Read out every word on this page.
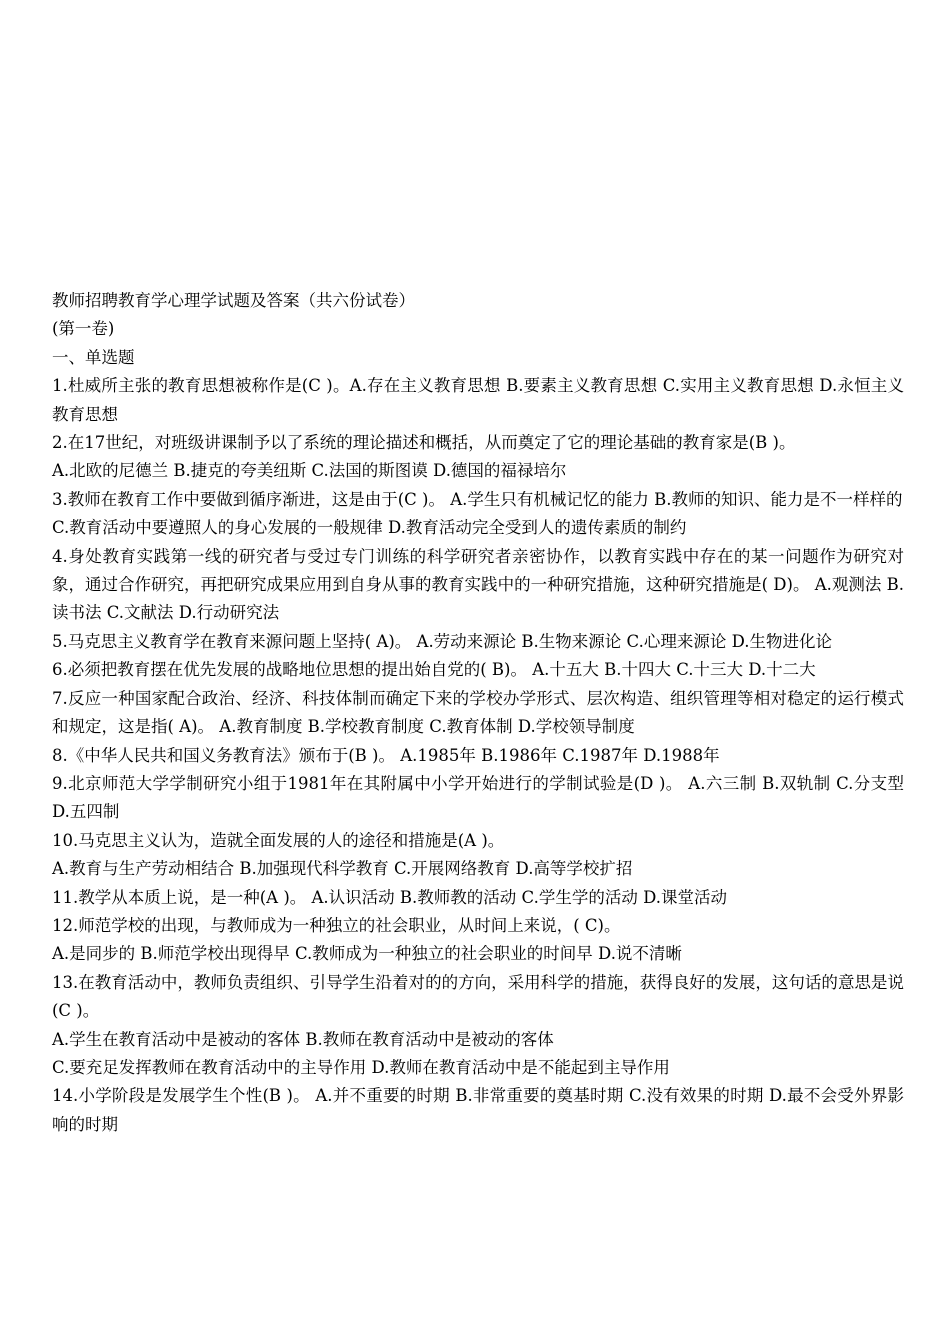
教师招聘教育学心理学试题及答案（共六份试卷）

(第一卷)

一、单选题

1.杜威所主张的教育思想被称作是(C )。A.存在主义教育思想 B.要素主义教育思想 C.实用主义教育思想 D.永恒主义教育思想

2.在17世纪，对班级讲课制予以了系统的理论描述和概括，从而奠定了它的理论基础的教育家是(B )。

A.北欧的尼德兰 B.捷克的夸美纽斯 C.法国的斯图谟 D.德国的福禄培尔

3.教师在教育工作中要做到循序渐进，这是由于(C )。 A.学生只有机械记忆的能力 B.教师的知识、能力是不一样样的

C.教育活动中要遵照人的身心发展的一般规律 D.教育活动完全受到人的遗传素质的制约

4.身处教育实践第一线的研究者与受过专门训练的科学研究者亲密协作，以教育实践中存在的某一问题作为研究对象，通过合作研究，再把研究成果应用到自身从事的教育实践中的一种研究措施，这种研究措施是( D)。 A.观测法 B.读书法 C.文献法 D.行动研究法

5.马克思主义教育学在教育来源问题上坚持( A)。 A.劳动来源论 B.生物来源论 C.心理来源论 D.生物进化论

6.必须把教育摆在优先发展的战略地位思想的提出始自党的( B)。 A.十五大 B.十四大 C.十三大 D.十二大

7.反应一种国家配合政治、经济、科技体制而确定下来的学校办学形式、层次构造、组织管理等相对稳定的运行模式和规定，这是指( A)。 A.教育制度 B.学校教育制度 C.教育体制 D.学校领导制度

8.《中华人民共和国义务教育法》颁布于(B )。 A.1985年 B.1986年 C.1987年 D.1988年

9.北京师范大学学制研究小组于1981年在其附属中小学开始进行的学制试验是(D )。 A.六三制 B.双轨制 C.分支型 D.五四制

10.马克思主义认为，造就全面发展的人的途径和措施是(A )。

A.教育与生产劳动相结合 B.加强现代科学教育 C.开展网络教育 D.高等学校扩招

11.教学从本质上说，是一种(A )。 A.认识活动 B.教师教的活动 C.学生学的活动 D.课堂活动

12.师范学校的出现，与教师成为一种独立的社会职业，从时间上来说，( C)。

A.是同步的 B.师范学校出现得早 C.教师成为一种独立的社会职业的时间早 D.说不清晰

13.在教育活动中，教师负责组织、引导学生沿着对的的方向，采用科学的措施，获得良好的发展，这句话的意思是说(C )。

A.学生在教育活动中是被动的客体 B.教师在教育活动中是被动的客体

C.要充足发挥教师在教育活动中的主导作用 D.教师在教育活动中是不能起到主导作用

14.小学阶段是发展学生个性(B )。 A.并不重要的时期 B.非常重要的奠基时期 C.没有效果的时期 D.最不会受外界影响的时期
